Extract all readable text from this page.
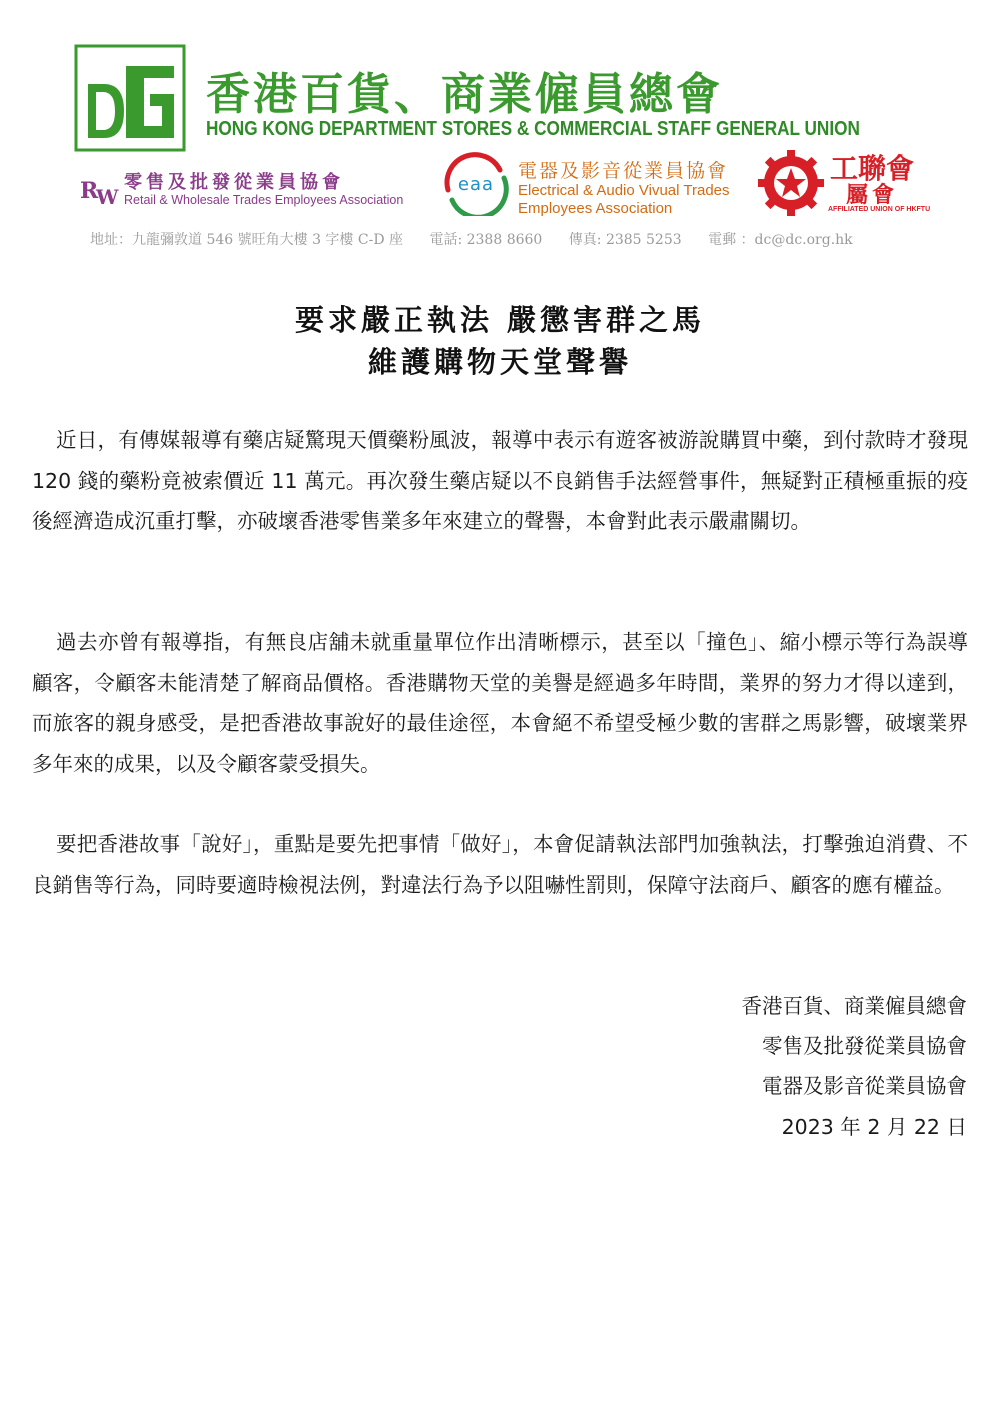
香港百貨、商業僱員總會
HONG KONG DEPARTMENT STORES & COMMERCIAL STAFF GENERAL UNION
R
W
零售及批發從業員協會
Retail & Wholesale Trades Employees Association
eaa
電器及影音從業員協會
Electrical & Audio Vivual Trades
Employees Association
工聯會
屬會
AFFILIATED UNION OF HKFTU
地址：九龍彌敦道 546 號旺角大樓 3 字樓 C-D 座 電話: 2388 8660 傳真: 2385 5253 電郵 ：dc@dc.org.hk
要求嚴正執法 嚴懲害群之馬
維護購物天堂聲譽

近日，有傳媒報導有藥店疑驚現天價藥粉風波，報導中表示有遊客被游說購買中藥，到付款時才發現 120 錢的藥粉竟被索價近 11 萬元。再次發生藥店疑以不良銷售手法經營事件，無疑對正積極重振的疫後經濟造成沉重打擊，亦破壞香港零售業多年來建立的聲譽，本會對此表示嚴肅關切。

過去亦曾有報導指，有無良店舖未就重量單位作出清晰標示，甚至以「撞色」、縮小標示等行為誤導顧客，令顧客未能清楚了解商品價格。香港購物天堂的美譽是經過多年時間，業界的努力才得以達到，而旅客的親身感受，是把香港故事說好的最佳途徑，本會絕不希望受極少數的害群之馬影響，破壞業界多年來的成果，以及令顧客蒙受損失。

要把香港故事「說好」，重點是要先把事情「做好」，本會促請執法部門加強執法，打擊強迫消費、不良銷售等行為，同時要適時檢視法例，對違法行為予以阻嚇性罰則，保障守法商戶、顧客的應有權益。

香港百貨、商業僱員總會

零售及批發從業員協會

電器及影音從業員協會

2023 年 2 月 22 日
